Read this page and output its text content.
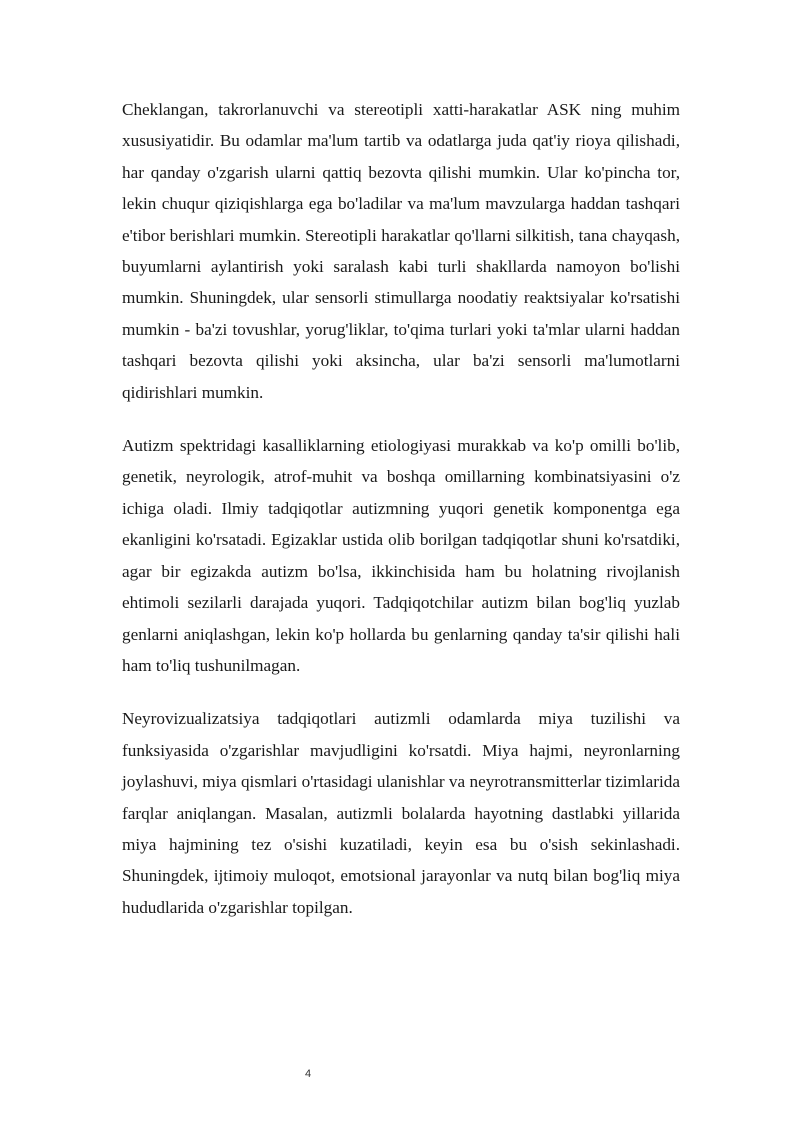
Cheklangan, takrorlanuvchi va stereotipli xatti-harakatlar ASK ning muhim xususiyatidir. Bu odamlar ma'lum tartib va odatlarga juda qat'iy rioya qilishadi, har qanday o'zgarish ularni qattiq bezovta qilishi mumkin. Ular ko'pincha tor, lekin chuqur qiziqishlarga ega bo'ladilar va ma'lum mavzularga haddan tashqari e'tibor berishlari mumkin. Stereotipli harakatlar qo'llarni silkitish, tana chayqash, buyumlarni aylantirish yoki saralash kabi turli shakllarda namoyon bo'lishi mumkin. Shuningdek, ular sensorli stimullarga noodatiy reaktsiyalar ko'rsatishi mumkin - ba'zi tovushlar, yorug'liklar, to'qima turlari yoki ta'mlar ularni haddan tashqari bezovta qilishi yoki aksincha, ular ba'zi sensorli ma'lumotlarni qidirishlari mumkin.

Autizm spektridagi kasalliklarning etiologiyasi murakkab va ko'p omilli bo'lib, genetik, neyrologik, atrof-muhit va boshqa omillarning kombinatsiyasini o'z ichiga oladi. Ilmiy tadqiqotlar autizmning yuqori genetik komponentga ega ekanligini ko'rsatadi. Egizaklar ustida olib borilgan tadqiqotlar shuni ko'rsatdiki, agar bir egizakda autizm bo'lsa, ikkinchisida ham bu holatning rivojlanish ehtimoli sezilarli darajada yuqori. Tadqiqotchilar autizm bilan bog'liq yuzlab genlarni aniqlashgan, lekin ko'p hollarda bu genlarning qanday ta'sir qilishi hali ham to'liq tushunilmagan.

Neyrovizualizatsiya tadqiqotlari autizmli odamlarda miya tuzilishi va funksiyasida o'zgarishlar mavjudligini ko'rsatdi. Miya hajmi, neyronlarning joylashuvi, miya qismlari o'rtasidagi ulanishlar va neyrotransmitterlar tizimlarida farqlar aniqlangan. Masalan, autizmli bolalarda hayotning dastlabki yillarida miya hajmining tez o'sishi kuzatiladi, keyin esa bu o'sish sekinlashadi. Shuningdek, ijtimoiy muloqot, emotsional jarayonlar va nutq bilan bog'liq miya hududlarida o'zgarishlar topilgan.

4
